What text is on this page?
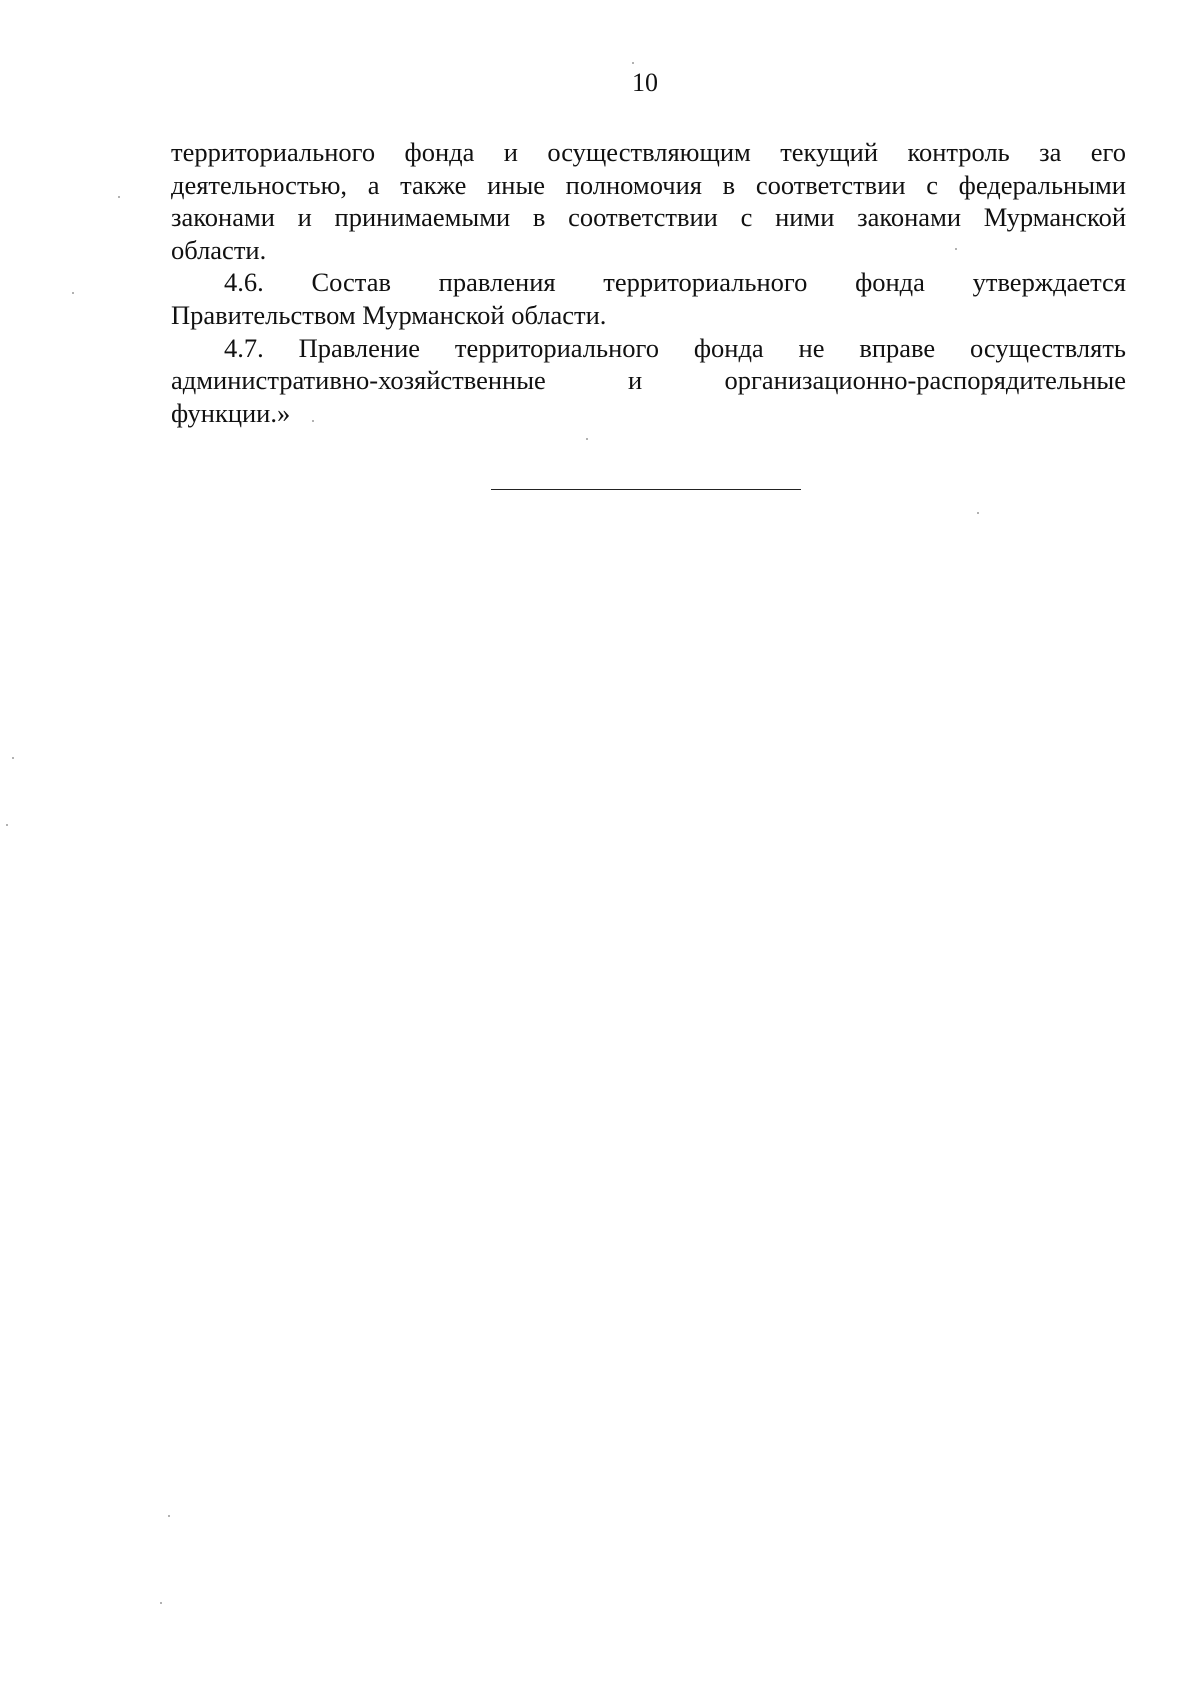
10
территориального фонда и осуществляющим текущий контроль за его
деятельностью, а также иные полномочия в соответствии с федеральными
законами и принимаемыми в соответствии с ними законами Мурманской
области.
4.6. Состав правления территориального фонда утверждается
Правительством Мурманской области.
4.7. Правление территориального фонда не вправе осуществлять
административно-хозяйственные и организационно-распорядительные
функции.»
